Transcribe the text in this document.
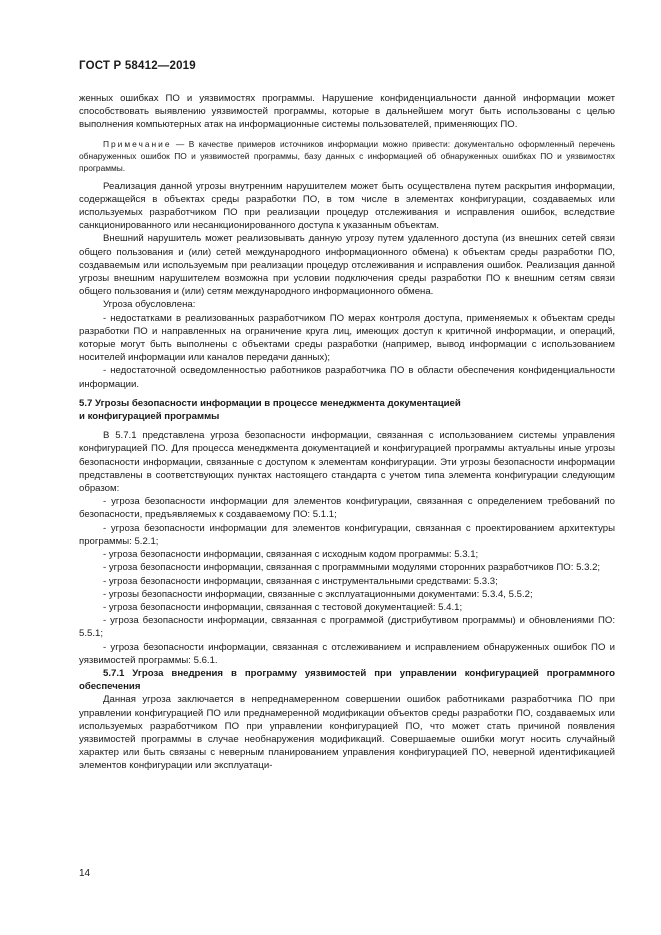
ГОСТ Р 58412—2019

женных ошибках ПО и уязвимостях программы. Нарушение конфиденциальности данной информации может способствовать выявлению уязвимостей программы, которые в дальнейшем могут быть использованы с целью выполнения компьютерных атак на информационные системы пользователей, применяющих ПО.

Примечание — В качестве примеров источников информации можно привести: документально оформленный перечень обнаруженных ошибок ПО и уязвимостей программы, базу данных с информацией об обнаруженных ошибках ПО и уязвимостях программы.

Реализация данной угрозы внутренним нарушителем может быть осуществлена путем раскрытия информации, содержащейся в объектах среды разработки ПО, в том числе в элементах конфигурации, создаваемых или используемых разработчиком ПО при реализации процедур отслеживания и исправления ошибок, вследствие санкционированного или несанкционированного доступа к указанным объектам.

Внешний нарушитель может реализовывать данную угрозу путем удаленного доступа (из внешних сетей связи общего пользования и (или) сетей международного информационного обмена) к объектам среды разработки ПО, создаваемым или используемым при реализации процедур отслеживания и исправления ошибок. Реализация данной угрозы внешним нарушителем возможна при условии подключения среды разработки ПО к внешним сетям связи общего пользования и (или) сетям международного информационного обмена.

Угроза обусловлена:

- недостатками в реализованных разработчиком ПО мерах контроля доступа, применяемых к объектам среды разработки ПО и направленных на ограничение круга лиц, имеющих доступ к критичной информации, и операций, которые могут быть выполнены с объектами среды разработки (например, вывод информации с использованием носителей информации или каналов передачи данных);

- недостаточной осведомленностью работников разработчика ПО в области обеспечения конфиденциальности информации.

5.7 Угрозы безопасности информации в процессе менеджмента документацией

и конфигурацией программы

В 5.7.1 представлена угроза безопасности информации, связанная с использованием системы управления конфигурацией ПО. Для процесса менеджмента документацией и конфигурацией программы актуальны иные угрозы безопасности информации, связанные с доступом к элементам конфигурации. Эти угрозы безопасности информации представлены в соответствующих пунктах настоящего стандарта с учетом типа элемента конфигурации следующим образом:

- угроза безопасности информации для элементов конфигурации, связанная с определением требований по безопасности, предъявляемых к создаваемому ПО: 5.1.1;

- угроза безопасности информации для элементов конфигурации, связанная с проектированием архитектуры программы: 5.2.1;

- угроза безопасности информации, связанная с исходным кодом программы: 5.3.1;

- угроза безопасности информации, связанная с программными модулями сторонних разработчиков ПО: 5.3.2;

- угроза безопасности информации, связанная с инструментальными средствами: 5.3.3;

- угрозы безопасности информации, связанные с эксплуатационными документами: 5.3.4, 5.5.2;

- угроза безопасности информации, связанная с тестовой документацией: 5.4.1;

- угроза безопасности информации, связанная с программой (дистрибутивом программы) и обновлениями ПО: 5.5.1;

- угроза безопасности информации, связанная с отслеживанием и исправлением обнаруженных ошибок ПО и уязвимостей программы: 5.6.1.

5.7.1 Угроза внедрения в программу уязвимостей при управлении конфигурацией программного обеспечения

Данная угроза заключается в непреднамеренном совершении ошибок работниками разработчика ПО при управлении конфигурацией ПО или преднамеренной модификации объектов среды разработки ПО, создаваемых или используемых разработчиком ПО при управлении конфигурацией ПО, что может стать причиной появления уязвимостей программы в случае необнаружения модификаций. Совершаемые ошибки могут носить случайный характер или быть связаны с неверным планированием управления конфигурацией ПО, неверной идентификацией элементов конфигурации или эксплуатаци-

14
